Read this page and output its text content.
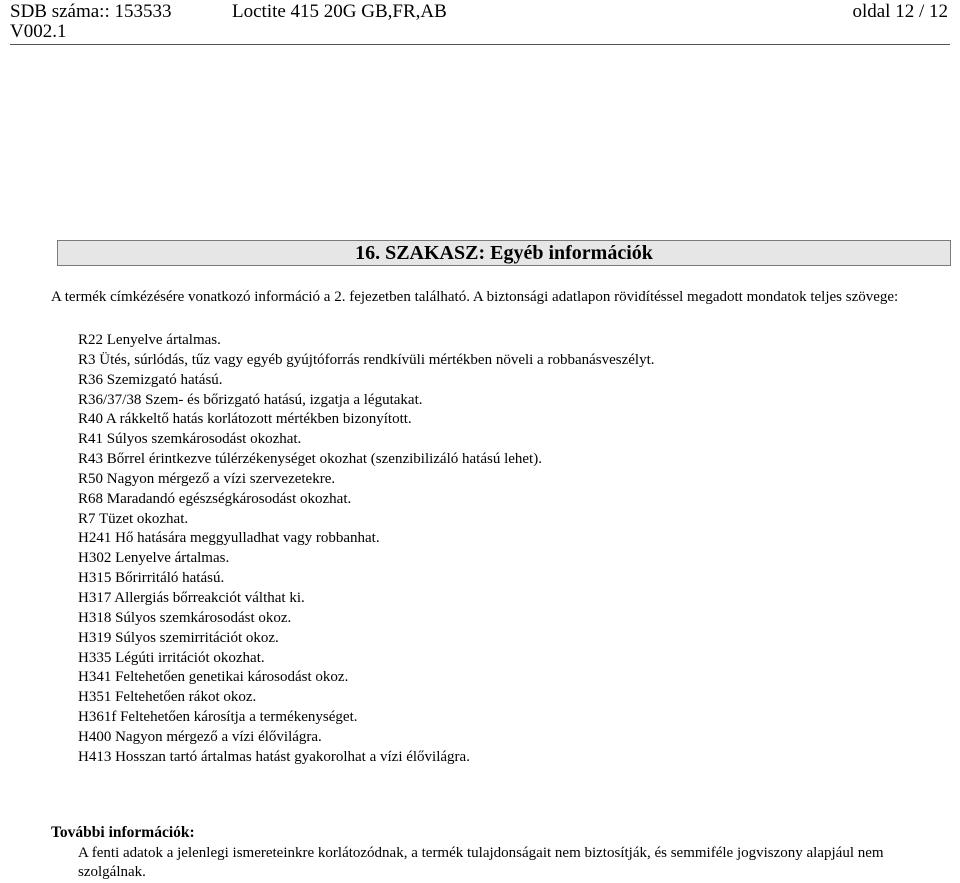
SDB száma:: 153533
V002.1
Loctite 415 20G GB,FR,AB	oldal 12 / 12
16. SZAKASZ: Egyéb információk
A termék címkézésére vonatkozó információ a 2. fejezetben található. A biztonsági adatlapon rövidítéssel megadott mondatok teljes szövege:
R22 Lenyelve ártalmas.
R3 Ütés, súrlódás, tűz vagy egyéb gyújtóforrás rendkívüli mértékben növeli a robbanásveszélyt.
R36 Szemizgató hatású.
R36/37/38 Szem- és bőrizgató hatású, izgatja a légutakat.
R40 A rákkeltő hatás korlátozott mértékben bizonyított.
R41 Súlyos szemkárosodást okozhat.
R43 Bőrrel érintkezve túlérzékenységet okozhat (szenzibilizáló hatású lehet).
R50 Nagyon mérgező a vízi szervezetekre.
R68 Maradandó egészségkárosodást okozhat.
R7 Tüzet okozhat.
H241 Hő hatására meggyulladhat vagy robbanhat.
H302 Lenyelve ártalmas.
H315 Bőrirritáló hatású.
H317 Allergiás bőrreakciót válthat ki.
H318 Súlyos szemkárosodást okoz.
H319 Súlyos szemirritációt okoz.
H335 Légúti irritációt okozhat.
H341 Feltehetően genetikai károsodást okoz.
H351 Feltehetően rákot okoz.
H361f Feltehetően károsítja a termékenységet.
H400 Nagyon mérgező a vízi élővilágra.
H413 Hosszan tartó ártalmas hatást gyakorolhat a vízi élővilágra.
További információk:
A fenti adatok a jelenlegi ismereteinkre korlátozódnak, a termék tulajdonságait nem biztosítják, és semmiféle jogviszony alapjául nem szolgálnak.
